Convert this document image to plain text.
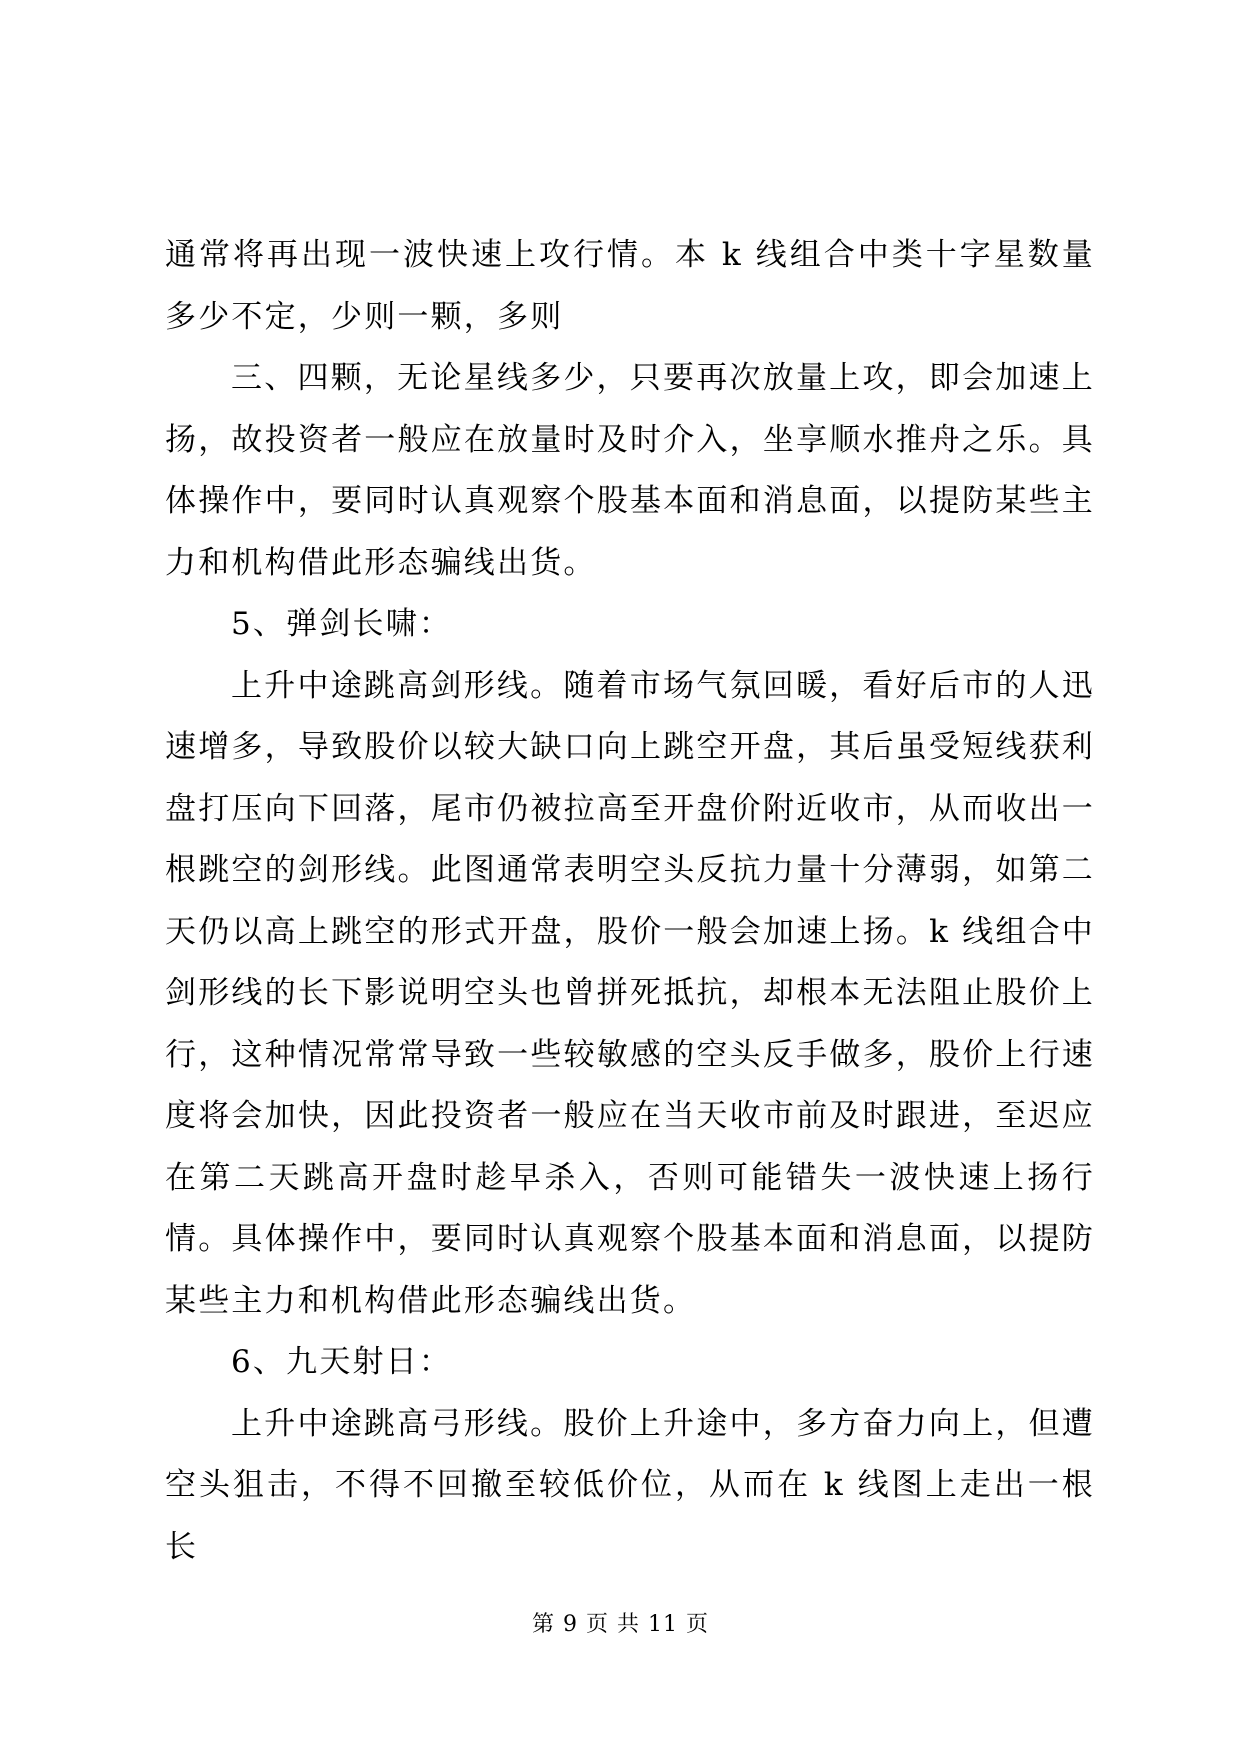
通常将再出现一波快速上攻行情。本 k 线组合中类十字星数量多少不定，少则一颗，多则

三、四颗，无论星线多少，只要再次放量上攻，即会加速上扬，故投资者一般应在放量时及时介入，坐享顺水推舟之乐。具体操作中，要同时认真观察个股基本面和消息面，以提防某些主力和机构借此形态骗线出货。

5、弹剑长啸：

上升中途跳高剑形线。随着市场气氛回暖，看好后市的人迅速增多，导致股价以较大缺口向上跳空开盘，其后虽受短线获利盘打压向下回落，尾市仍被拉高至开盘价附近收市，从而收出一根跳空的剑形线。此图通常表明空头反抗力量十分薄弱，如第二天仍以高上跳空的形式开盘，股价一般会加速上扬。k 线组合中剑形线的长下影说明空头也曾拼死抵抗，却根本无法阻止股价上行，这种情况常常导致一些较敏感的空头反手做多，股价上行速度将会加快，因此投资者一般应在当天收市前及时跟进，至迟应在第二天跳高开盘时趁早杀入，否则可能错失一波快速上扬行情。具体操作中，要同时认真观察个股基本面和消息面，以提防某些主力和机构借此形态骗线出货。

6、九天射日：

上升中途跳高弓形线。股价上升途中，多方奋力向上，但遭空头狙击，不得不回撤至较低价位，从而在 k 线图上走出一根长

第 9 页 共 11 页
